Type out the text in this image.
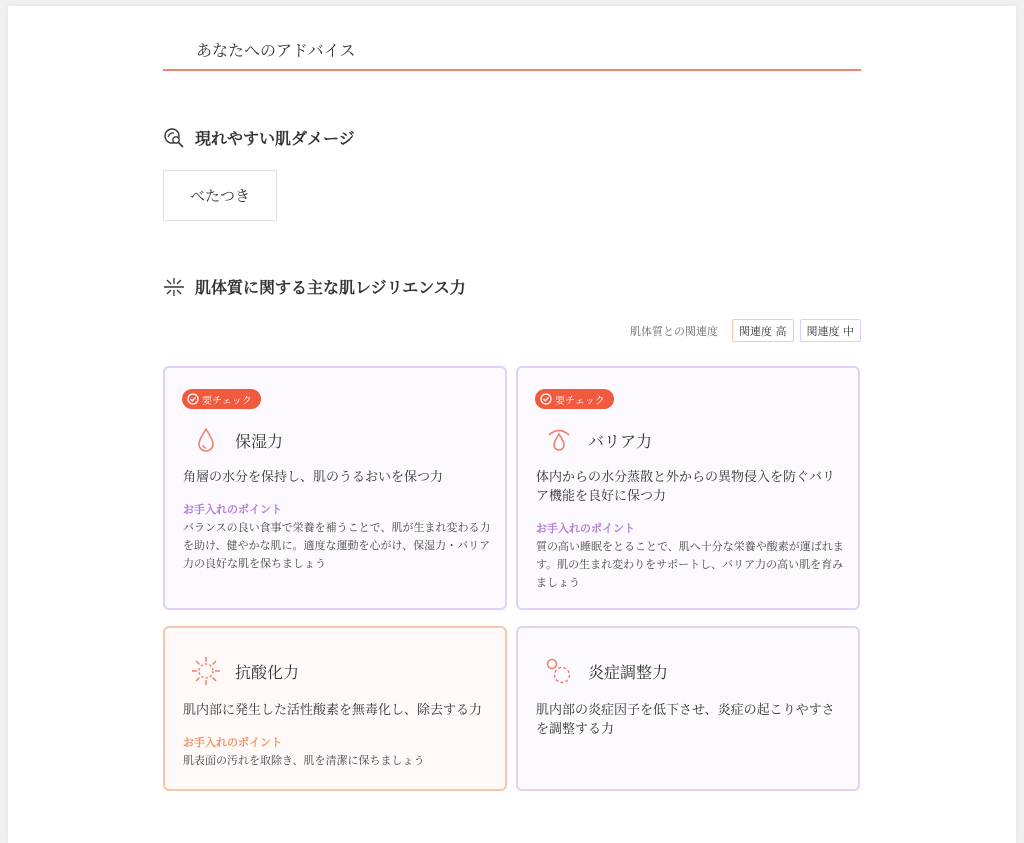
あなたへのアドバイス
現れやすい肌ダメージ
べたつき
肌体質に関する主な肌レジリエンス力
肌体質との関連度	関連度 高	関連度 中
要チェック
保湿力
角層の水分を保持し、肌のうるおいを保つ力
お手入れのポイント
バランスの良い食事で栄養を補うことで、肌が生まれ変わる力を助け、健やかな肌に。適度な運動を心がけ、保湿力・バリア力の良好な肌を保ちましょう
要チェック
バリア力
体内からの水分蒸散と外からの異物侵入を防ぐバリア機能を良好に保つ力
お手入れのポイント
質の高い睡眠をとることで、肌へ十分な栄養や酸素が運ばれます。肌の生まれ変わりをサポートし、バリア力の高い肌を育みましょう
抗酸化力
肌内部に発生した活性酸素を無毒化し、除去する力
お手入れのポイント
肌表面の汚れを取除き、肌を清潔に保ちましょう
炎症調整力
肌内部の炎症因子を低下させ、炎症の起こりやすさを調整する力
